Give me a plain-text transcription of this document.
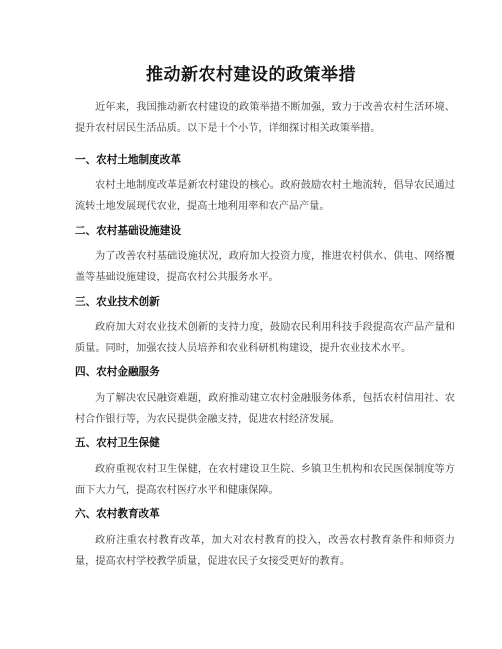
推动新农村建设的政策举措

近年来，我国推动新农村建设的政策举措不断加强，致力于改善农村生活环境、提升农村居民生活品质。以下是十个小节，详细探讨相关政策举措。

一、农村土地制度改革

农村土地制度改革是新农村建设的核心。政府鼓励农村土地流转，倡导农民通过流转土地发展现代农业，提高土地利用率和农产品产量。

二、农村基础设施建设

为了改善农村基础设施状况，政府加大投资力度，推进农村供水、供电、网络覆盖等基础设施建设，提高农村公共服务水平。

三、农业技术创新

政府加大对农业技术创新的支持力度，鼓励农民利用科技手段提高农产品产量和质量。同时，加强农技人员培养和农业科研机构建设，提升农业技术水平。

四、农村金融服务

为了解决农民融资难题，政府推动建立农村金融服务体系，包括农村信用社、农村合作银行等，为农民提供金融支持，促进农村经济发展。

五、农村卫生保健

政府重视农村卫生保健，在农村建设卫生院、乡镇卫生机构和农民医保制度等方面下大力气，提高农村医疗水平和健康保障。

六、农村教育改革

政府注重农村教育改革，加大对农村教育的投入，改善农村教育条件和师资力量，提高农村学校教学质量，促进农民子女接受更好的教育。
